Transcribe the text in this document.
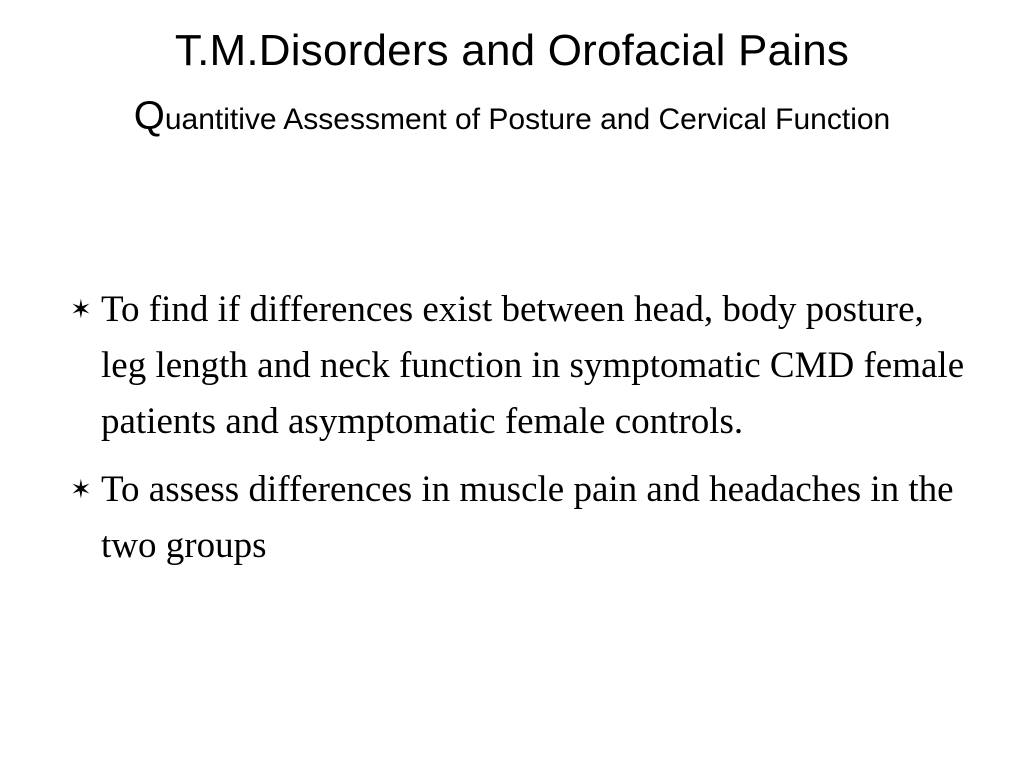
T.M.Disorders and Orofacial Pains

Quantitive Assessment of Posture and Cervical Function

✶ To find if differences exist between head, body posture, leg length and neck function in symptomatic CMD female patients and asymptomatic female controls.
✶ To assess differences in muscle pain and headaches in the two groups
